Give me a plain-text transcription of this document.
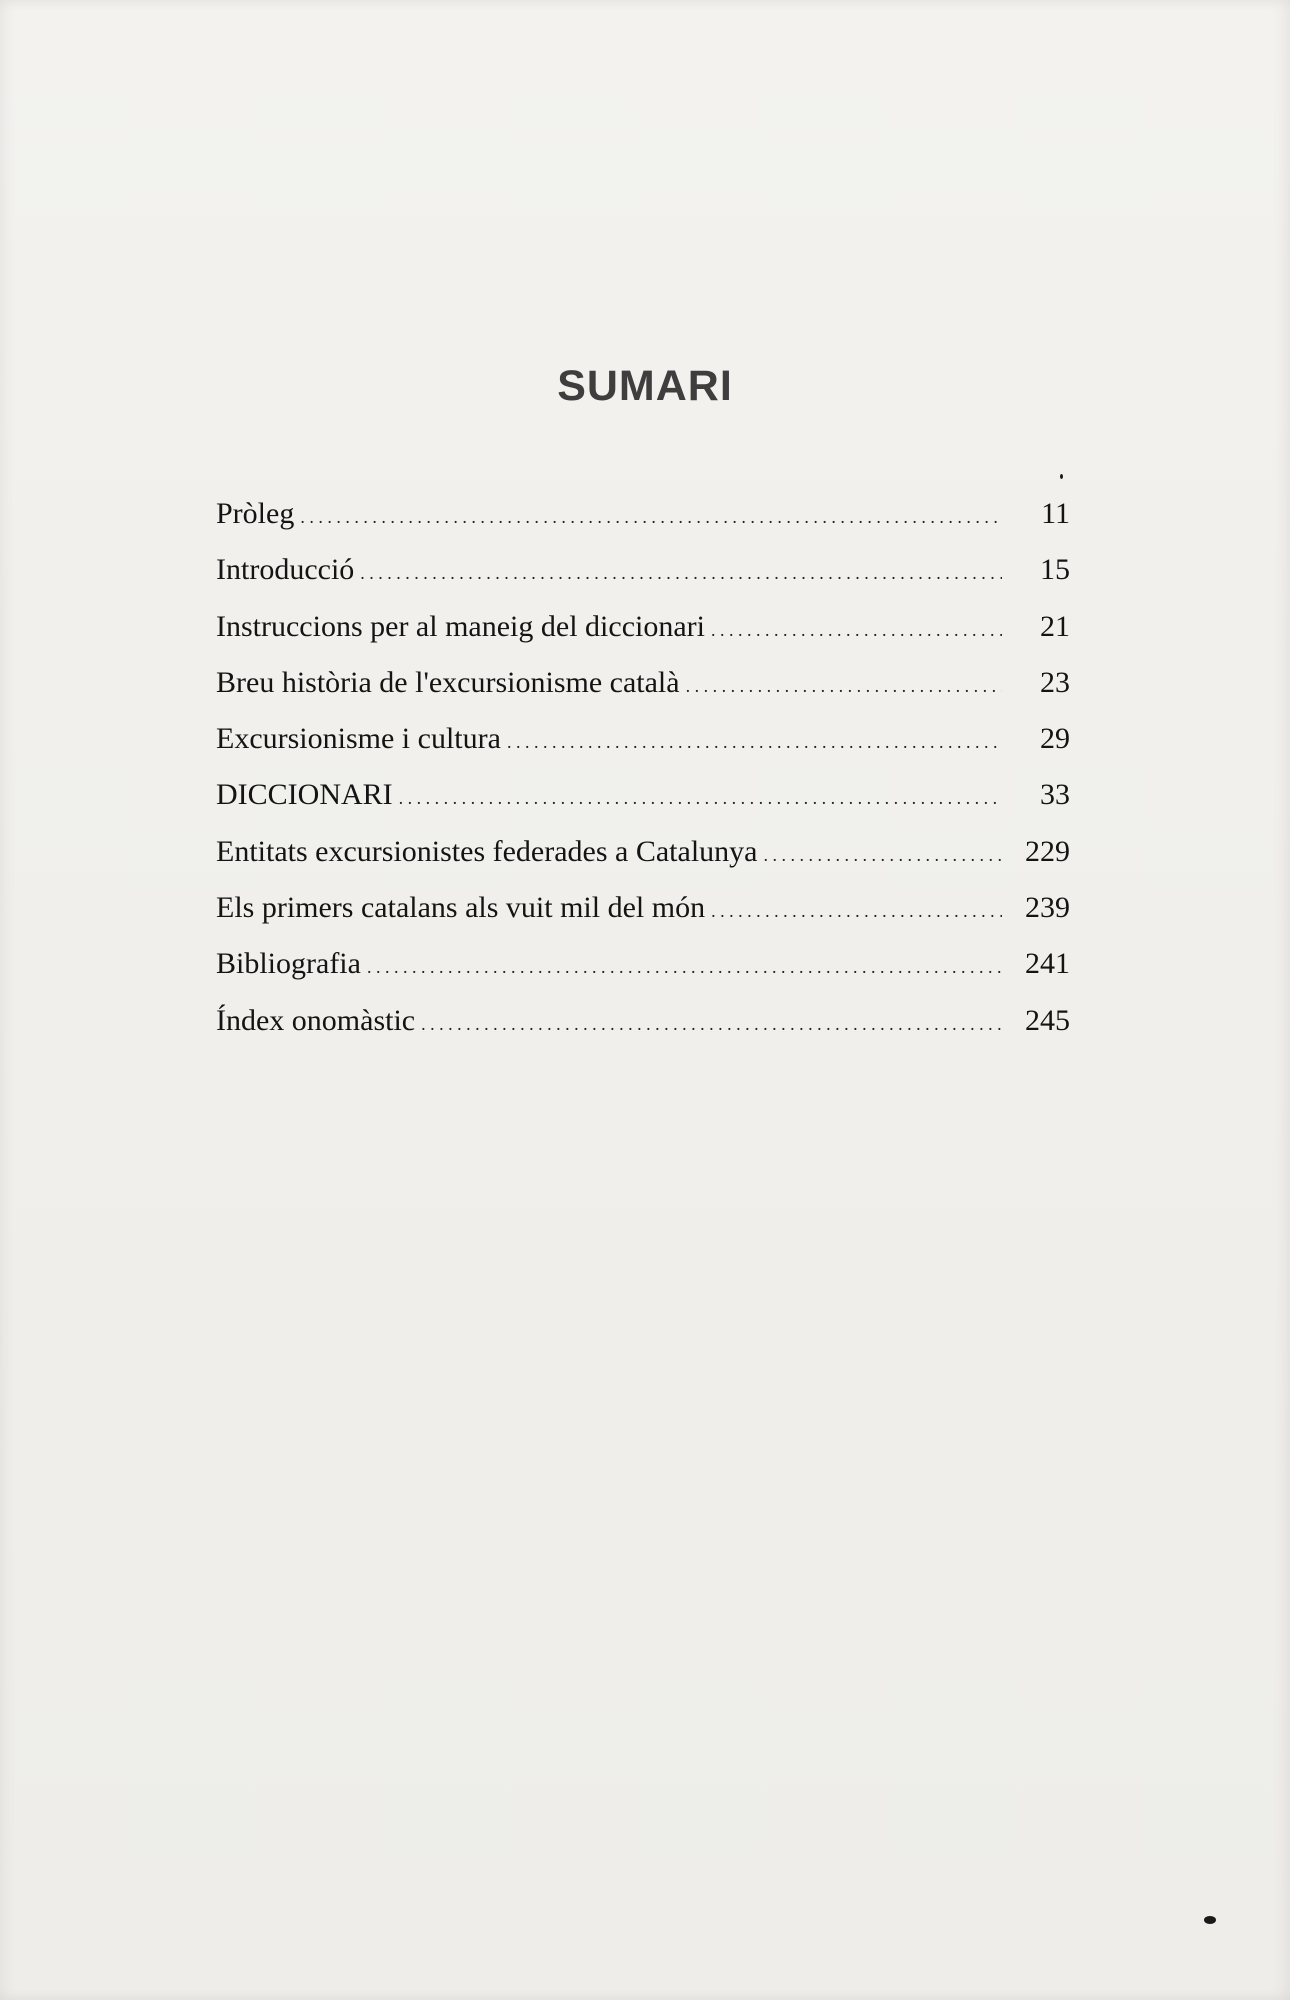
SUMARI
Pròleg . . .	11
Introducció . . .	15
Instruccions per al maneig del diccionari . . .	21
Breu història de l'excursionisme català . . .	23
Excursionisme i cultura . . .	29
DICCIONARI . . .	33
Entitats excursionistes federades a Catalunya . . .	229
Els primers catalans als vuit mil del món . . .	239
Bibliografia . . .	241
Índex onomàstic . . .	245
